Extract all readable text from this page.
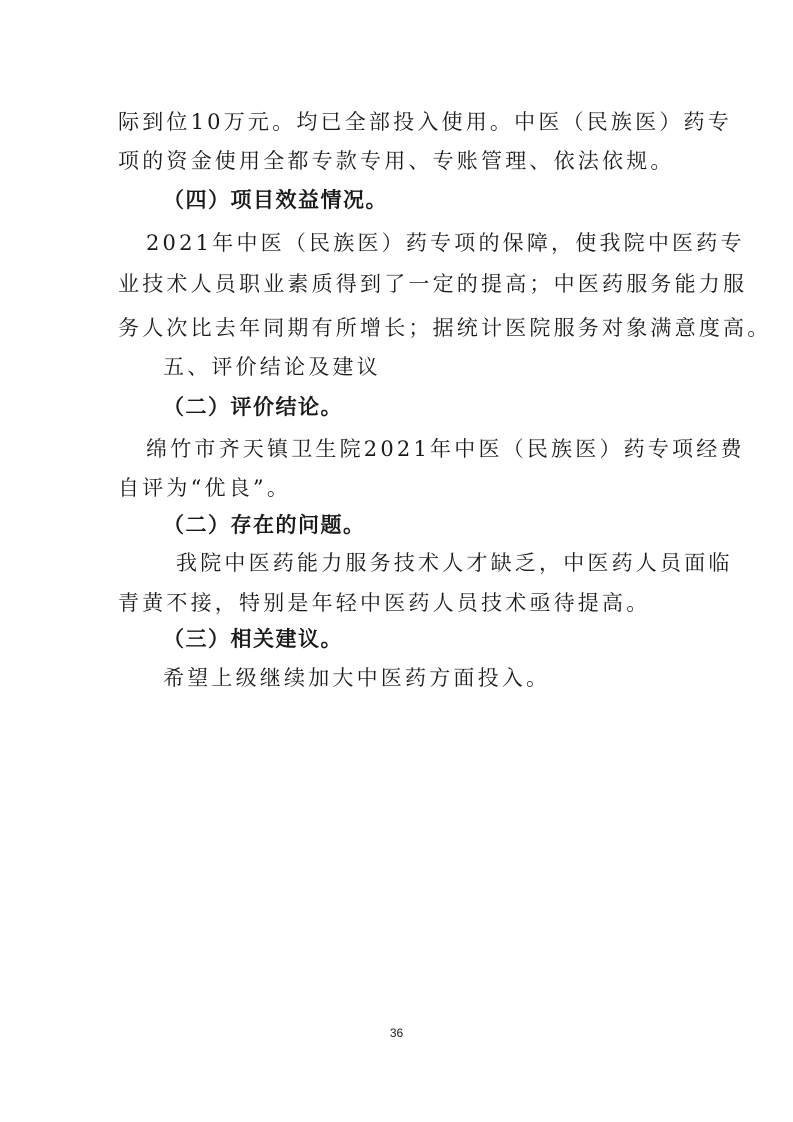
际到位10万元。均已全部投入使用。中医（民族医）药专
项的资金使用全都专款专用、专账管理、依法依规。
（四）项目效益情况。
2021年中医（民族医）药专项的保障，使我院中医药专
业技术人员职业素质得到了一定的提高；中医药服务能力服
务人次比去年同期有所增长；据统计医院服务对象满意度高。
五、评价结论及建议
（二）评价结论。
绵竹市齐天镇卫生院2021年中医（民族医）药专项经费
自评为“优良”。
（二）存在的问题。
我院中医药能力服务技术人才缺乏，中医药人员面临
青黄不接，特别是年轻中医药人员技术亟待提高。
（三）相关建议。
希望上级继续加大中医药方面投入。
36
